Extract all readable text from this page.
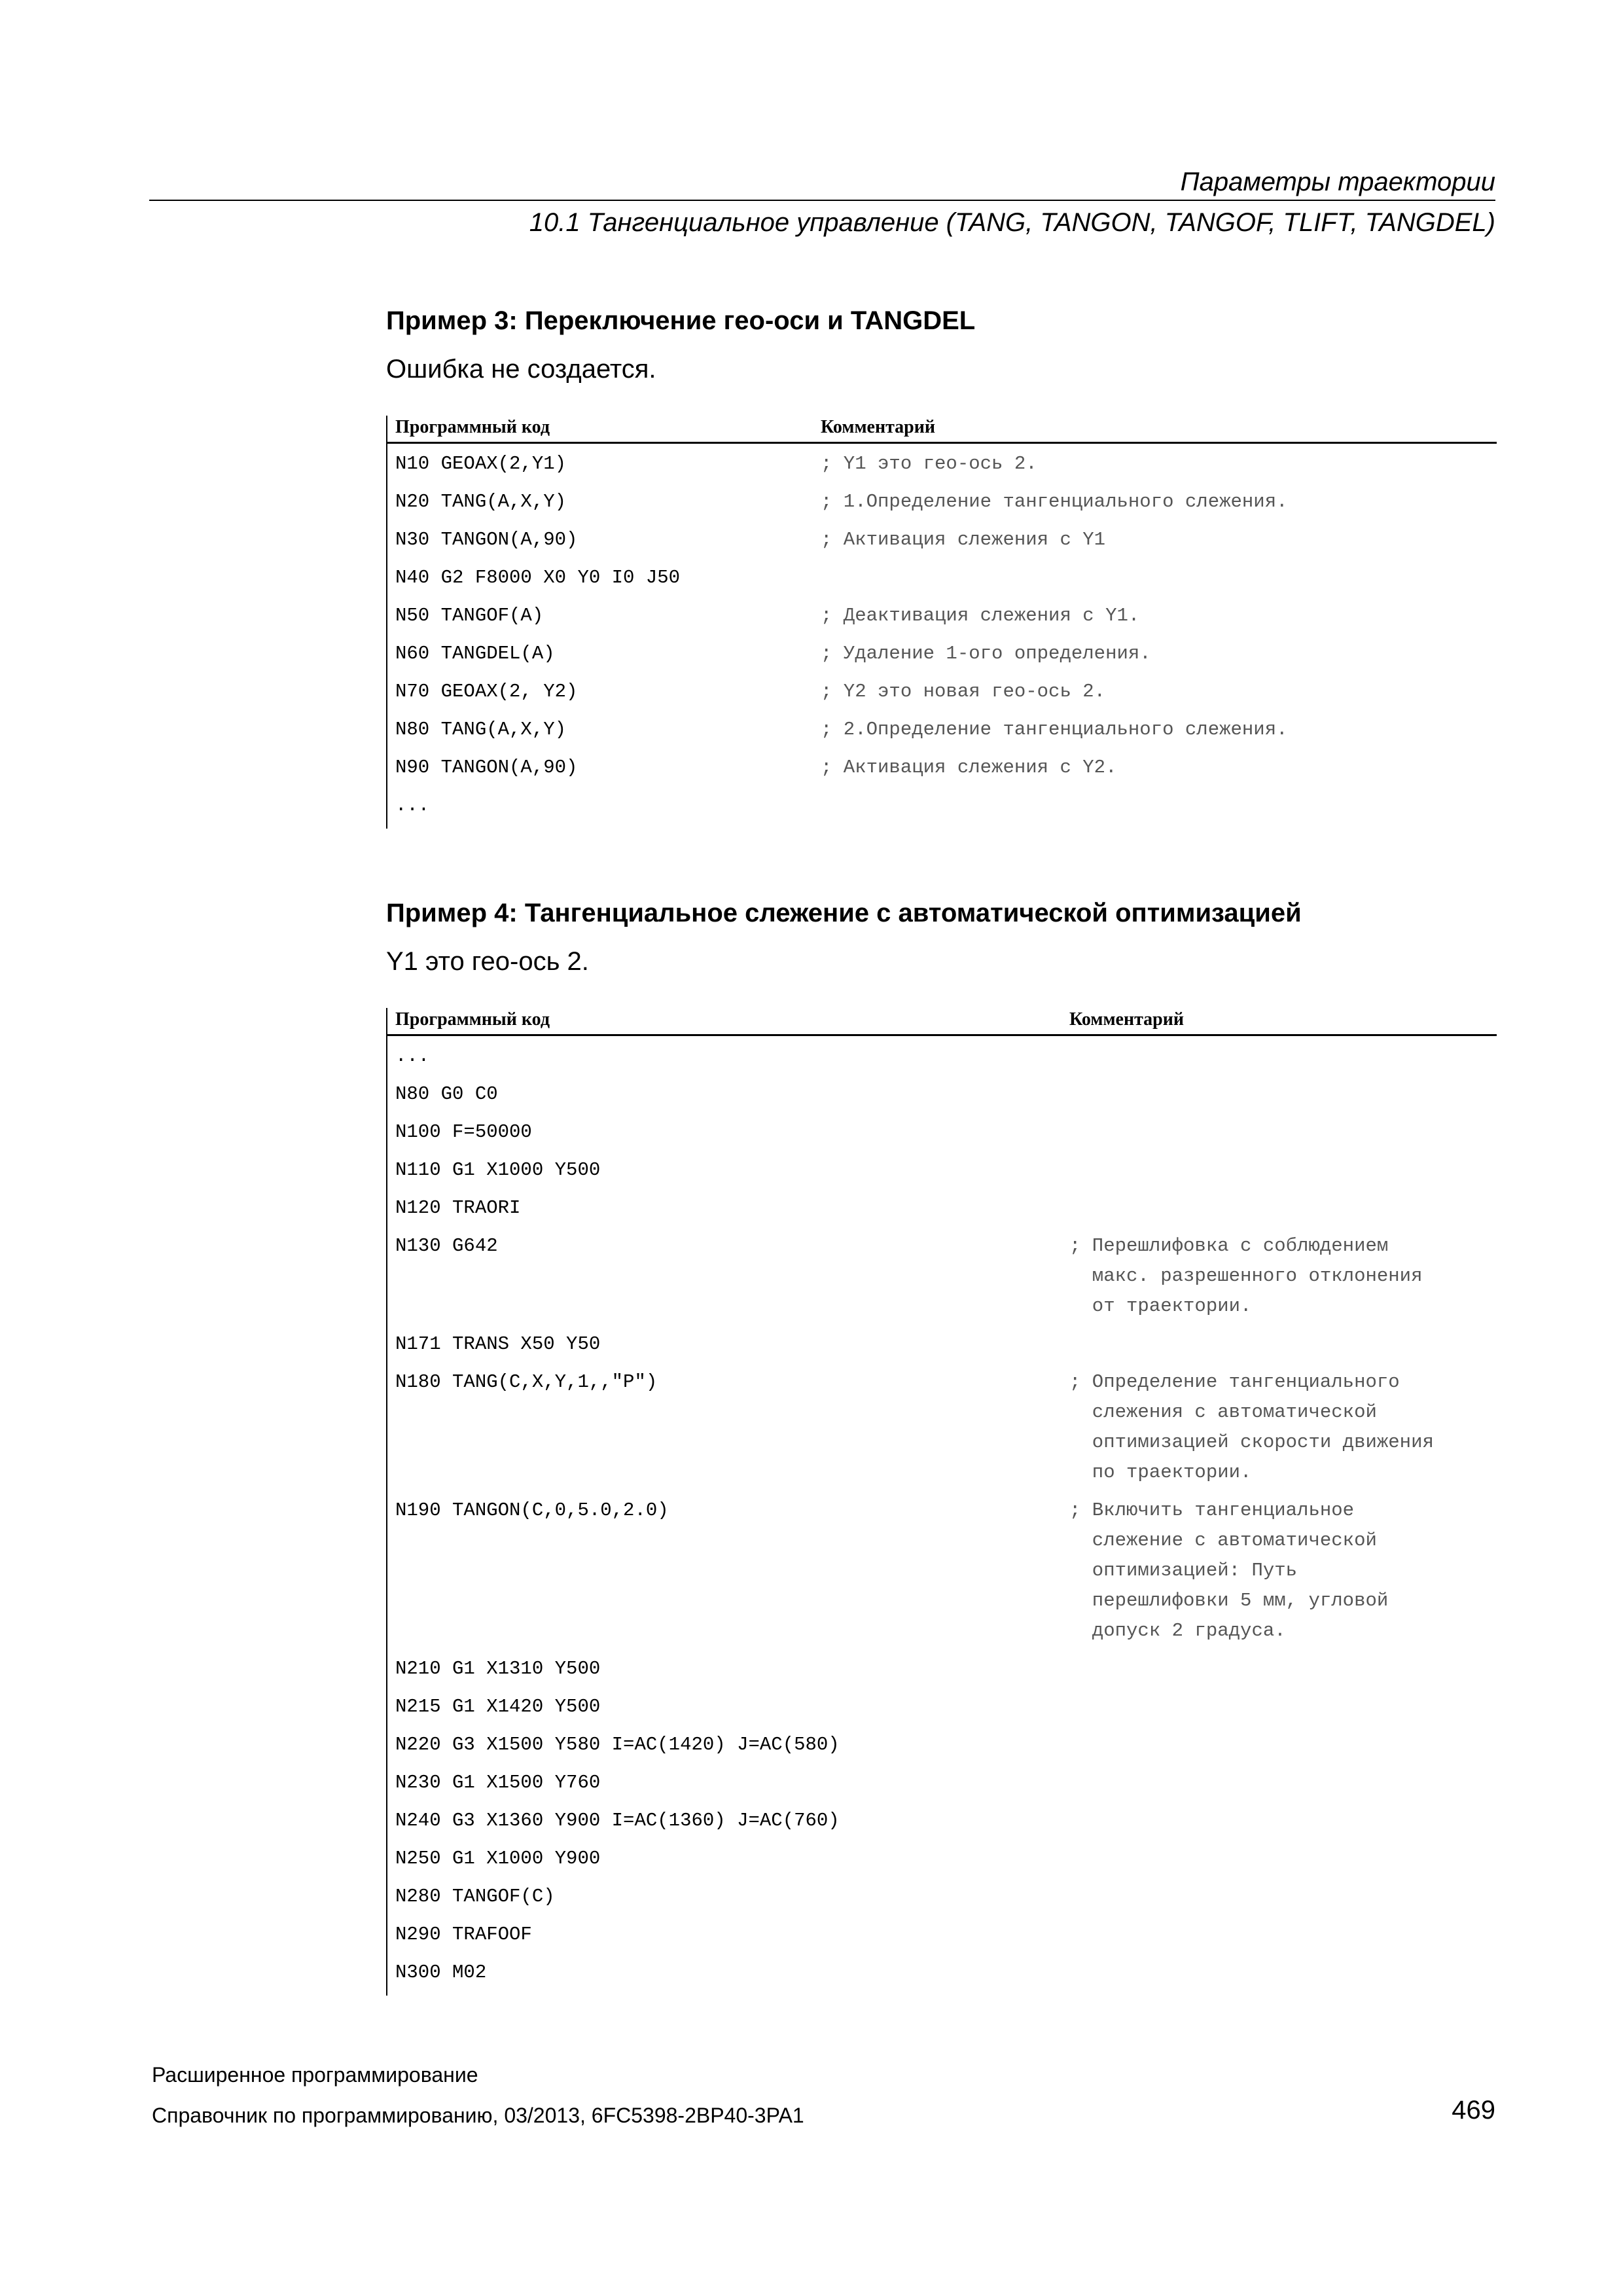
Параметры траектории
10.1 Тангенциальное управление (TANG, TANGON, TANGOF, TLIFT, TANGDEL)
Пример 3: Переключение гео-оси и TANGDEL
Ошибка не создается.
Программный код	Комментарий
N10 GEOAX(2,Y1)	; Y1 это гео-ось 2.
N20 TANG(A,X,Y)	; 1.Определение тангенциального слежения.
N30 TANGON(A,90)	; Активация слежения с Y1
N40 G2 F8000 X0 Y0 I0 J50
N50 TANGOF(A)	; Деактивация слежения с Y1.
N60 TANGDEL(A)	; Удаление 1-ого определения.
N70 GEOAX(2, Y2)	; Y2 это новая гео-ось 2.
N80 TANG(A,X,Y)	; 2.Определение тангенциального слежения.
N90 TANGON(A,90)	; Активация слежения с Y2.
...
Пример 4: Тангенциальное слежение с автоматической оптимизацией
Y1 это гео-ось 2.
Программный код	Комментарий
...
N80 G0 C0
N100 F=50000
N110 G1 X1000 Y500
N120 TRAORI
N130 G642	; Перешлифовка с соблюдением
макс. разрешенного отклонения
от траектории.
N171 TRANS X50 Y50
N180 TANG(C,X,Y,1,,"P")	; Определение тангенциального
слежения с автоматической
оптимизацией скорости движения
по траектории.
N190 TANGON(C,0,5.0,2.0)	; Включить тангенциальное
слежение с автоматической
оптимизацией: Путь
перешлифовки 5 мм, угловой
допуск 2 градуса.
N210 G1 X1310 Y500
N215 G1 X1420 Y500
N220 G3 X1500 Y580 I=AC(1420) J=AC(580)
N230 G1 X1500 Y760
N240 G3 X1360 Y900 I=AC(1360) J=AC(760)
N250 G1 X1000 Y900
N280 TANGOF(C)
N290 TRAFOOF
N300 M02
Расширенное программирование
Справочник по программированию, 03/2013, 6FC5398-2BP40-3PA1	469
